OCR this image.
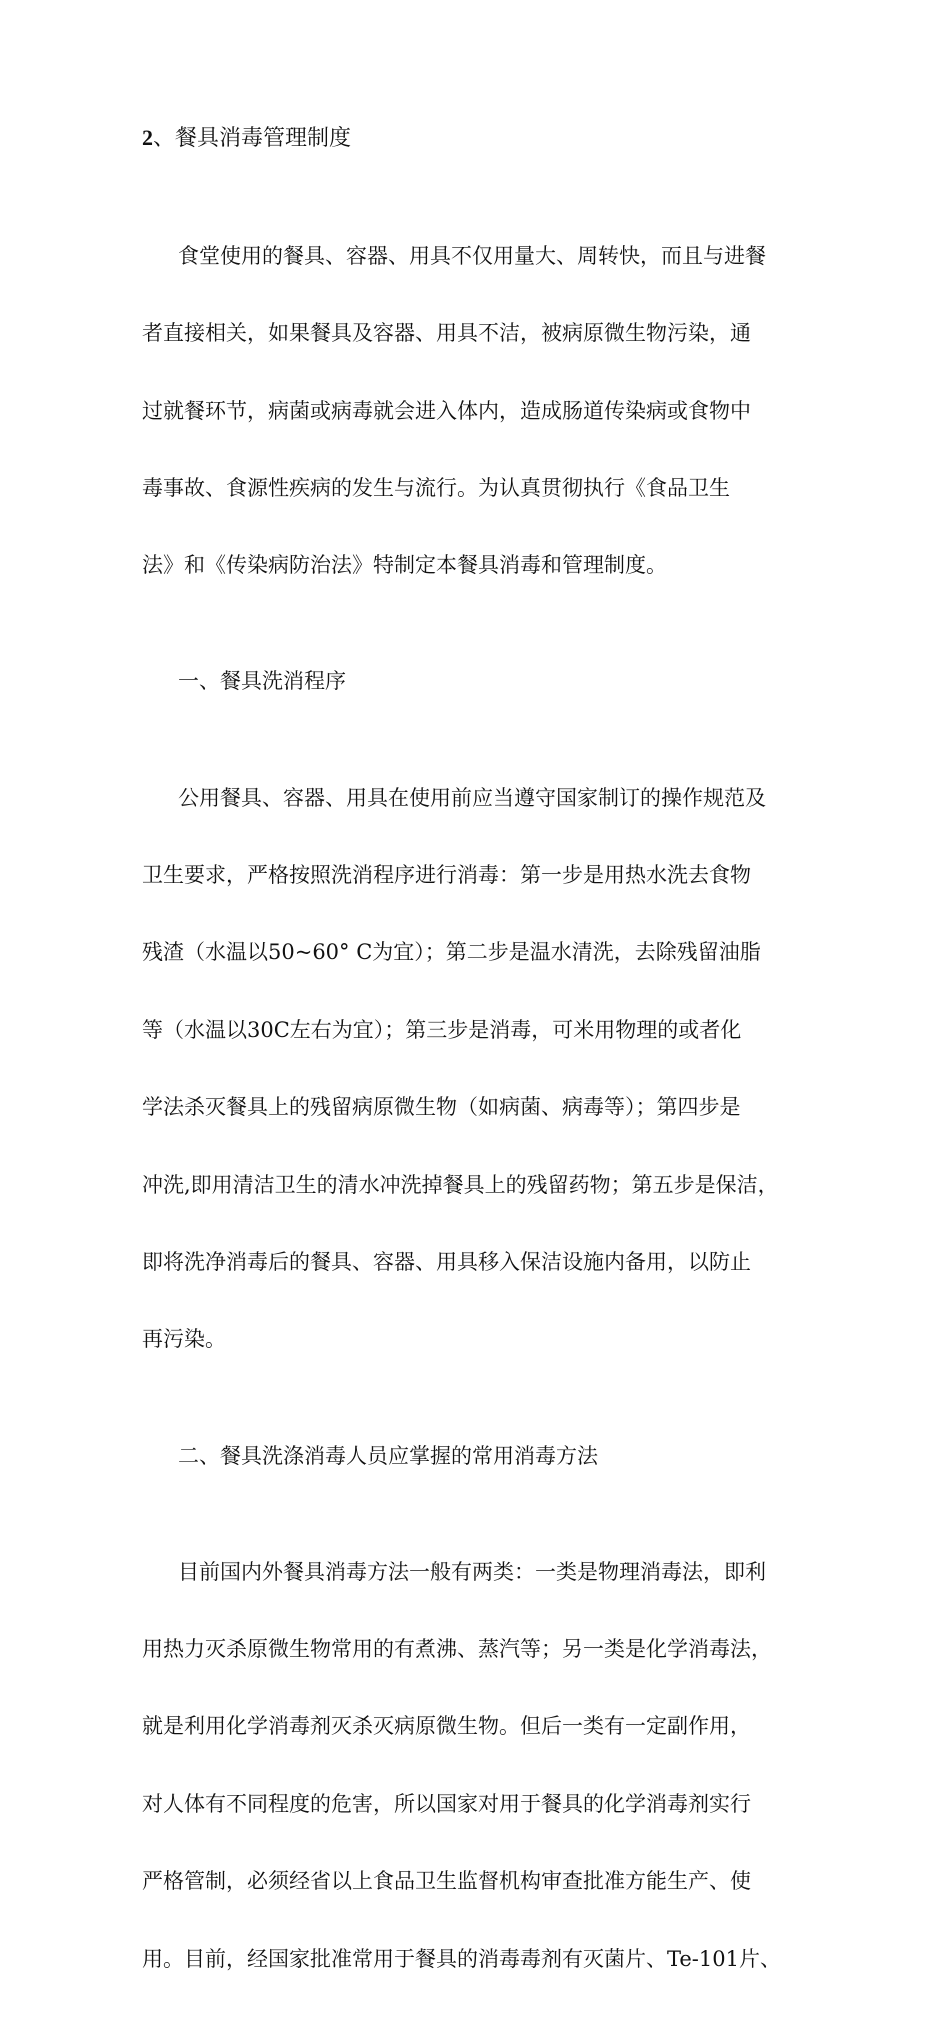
2、餐具消毒管理制度

食堂使用的餐具、容器、用具不仅用量大、周转快，而且与进餐

者直接相关，如果餐具及容器、用具不洁，被病原微生物污染，通

过就餐环节，病菌或病毒就会进入体内，造成肠道传染病或食物中

毒事故、食源性疾病的发生与流行。为认真贯彻执行《食品卫生

法》和《传染病防治法》特制定本餐具消毒和管理制度。

一、餐具洗消程序

公用餐具、容器、用具在使用前应当遵守国家制订的操作规范及

卫生要求，严格按照洗消程序进行消毒：第一步是用热水洗去食物

残渣（水温以50~60° C为宜）；第二步是温水清洗，去除残留油脂

等（水温以30C左右为宜）；第三步是消毒，可米用物理的或者化

学法杀灭餐具上的残留病原微生物（如病菌、病毒等）；第四步是

冲洗,即用清洁卫生的清水冲洗掉餐具上的残留药物；第五步是保洁，

即将洗净消毒后的餐具、容器、用具移入保洁设施内备用，以防止

再污染。

二、餐具洗涤消毒人员应掌握的常用消毒方法

目前国内外餐具消毒方法一般有两类：一类是物理消毒法，即利

用热力灭杀原微生物常用的有煮沸、蒸汽等；另一类是化学消毒法，

就是利用化学消毒剂灭杀灭病原微生物。但后一类有一定副作用，

对人体有不同程度的危害，所以国家对用于餐具的化学消毒剂实行

严格管制，必须经省以上食品卫生监督机构审查批准方能生产、使

用。目前，经国家批准常用于餐具的消毒毒剂有灭菌片、Te-101片、
